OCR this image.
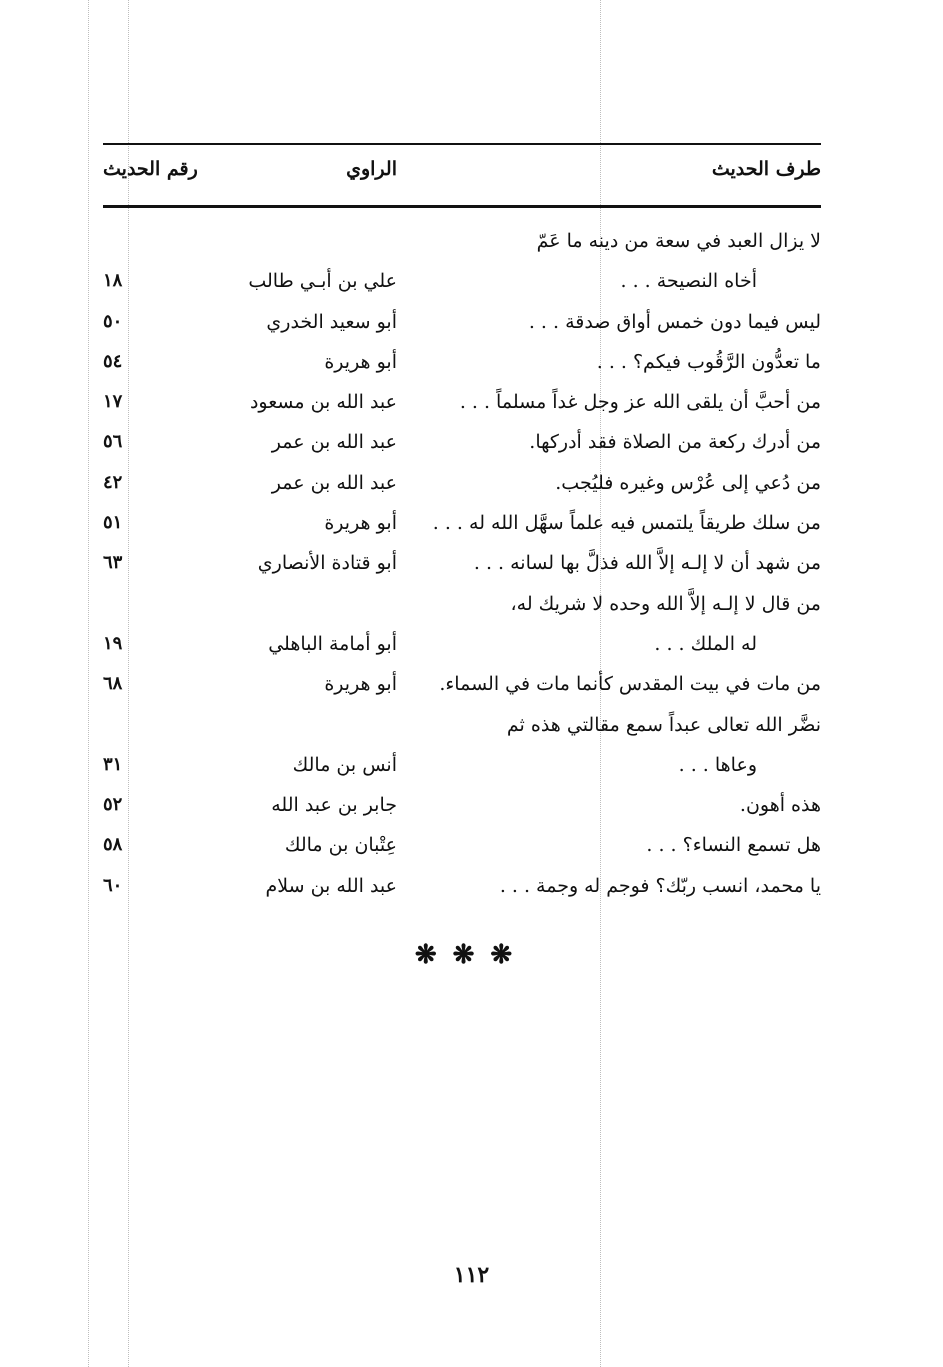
طرف الحديث
الراوي
رقم الحديث
لا يزال العبد في سعة من دينه ما عَمّ
أخاه النصيحة . . .
علي بن أبـي طالب
١٨
ليس فيما دون خمس أواق صدقة . . .
أبو سعيد الخدري
٥٠
ما تعدُّون الرَّقُوب فيكم؟ . . .
أبو هريرة
٥٤
من أحبَّ أن يلقى الله عز وجل غداً مسلماً . . .
عبد الله بن مسعود
١٧
من أدرك ركعة من الصلاة فقد أدركها.
عبد الله بن عمر
٥٦
من دُعي إلى عُرْس وغيره فليُجب.
عبد الله بن عمر
٤٢
من سلك طريقاً يلتمس فيه علماً سهَّل الله له . . .
أبو هريرة
٥١
من شهد أن لا إلـه إلاَّ الله فذلَّ بها لسانه . . .
أبو قتادة الأنصاري
٦٣
من قال لا إلـه إلاَّ الله وحده لا شريك له،
له الملك . . .
أبو أمامة الباهلي
١٩
من مات في بيت المقدس كأنما مات في السماء.
أبو هريرة
٦٨
نضَّر الله تعالى عبداً سمع مقالتي هذه ثم
وعاها . . .
أنس بن مالك
٣١
هذه أهون.
جابر بن عبد الله
٥٢
هل تسمع النساء؟ . . .
عِتْبان بن مالك
٥٨
يا محمد، انسب ربّك؟ فوجم له وجمة . . .
عبد الله بن سلام
٦٠
❋❋❋
١١٢
